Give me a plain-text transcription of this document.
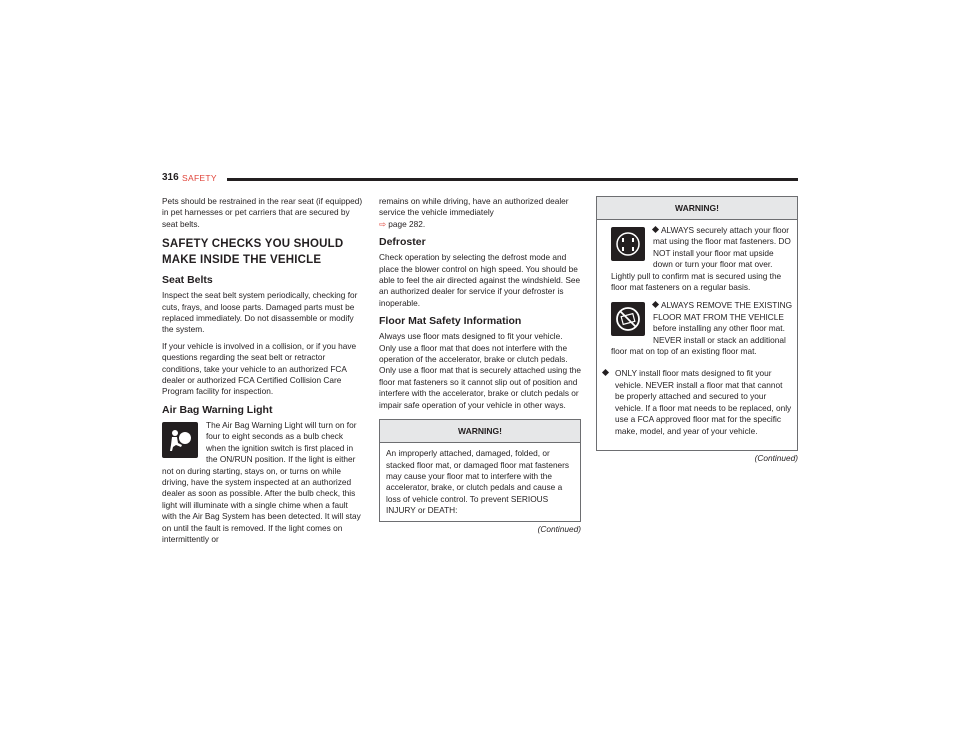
316 SAFETY

Pets should be restrained in the rear seat (if equipped) in pet harnesses or pet carriers that are secured by seat belts.

SAFETY CHECKS YOU SHOULD MAKE INSIDE THE VEHICLE
Seat Belts

Inspect the seat belt system periodically, checking for cuts, frays, and loose parts. Damaged parts must be replaced immediately. Do not disassemble or modify the system.

If your vehicle is involved in a collision, or if you have questions regarding the seat belt or retractor conditions, take your vehicle to an authorized FCA dealer or authorized FCA Certified Collision Care Program facility for inspection.

Air Bag Warning Light

The Air Bag Warning Light will turn on for four to eight seconds as a bulb check when the ignition switch is first placed in the ON/RUN position. If the light is either not on during starting, stays on, or turns on while driving, have the system inspected at an authorized dealer as soon as possible. After the bulb check, this light will illuminate with a single chime when a fault with the Air Bag System has been detected. It will stay on until the fault is removed. If the light comes on intermittently or

remains on while driving, have an authorized dealer service the vehicle immediately
⇨ page 282.

Defroster

Check operation by selecting the defrost mode and place the blower control on high speed. You should be able to feel the air directed against the windshield. See an authorized dealer for service if your defroster is inoperable.

Floor Mat Safety Information

Always use floor mats designed to fit your vehicle. Only use a floor mat that does not interfere with the operation of the accelerator, brake or clutch pedals. Only use a floor mat that is securely attached using the floor mat fasteners so it cannot slip out of position and interfere with the accelerator, brake or clutch pedals or impair safe operation of your vehicle in other ways.

WARNING!
An improperly attached, damaged, folded, or stacked floor mat, or damaged floor mat fasteners may cause your floor mat to interfere with the accelerator, brake, or clutch pedals and cause a loss of vehicle control. To prevent SERIOUS INJURY or DEATH:
(Continued)
WARNING!

ALWAYS securely attach your floor mat using the floor mat fasteners. DO NOT install your floor mat upside down or turn your floor mat over. Lightly pull to confirm mat is secured using the floor mat fasteners on a regular basis.

ALWAYS REMOVE THE EXISTING FLOOR MAT FROM THE VEHICLE before installing any other floor mat. NEVER install or stack an additional floor mat on top of an existing floor mat.

ONLY install floor mats designed to fit your vehicle. NEVER install a floor mat that cannot be properly attached and secured to your vehicle. If a floor mat needs to be replaced, only use a FCA approved floor mat for the specific make, model, and year of your vehicle.
(Continued)
